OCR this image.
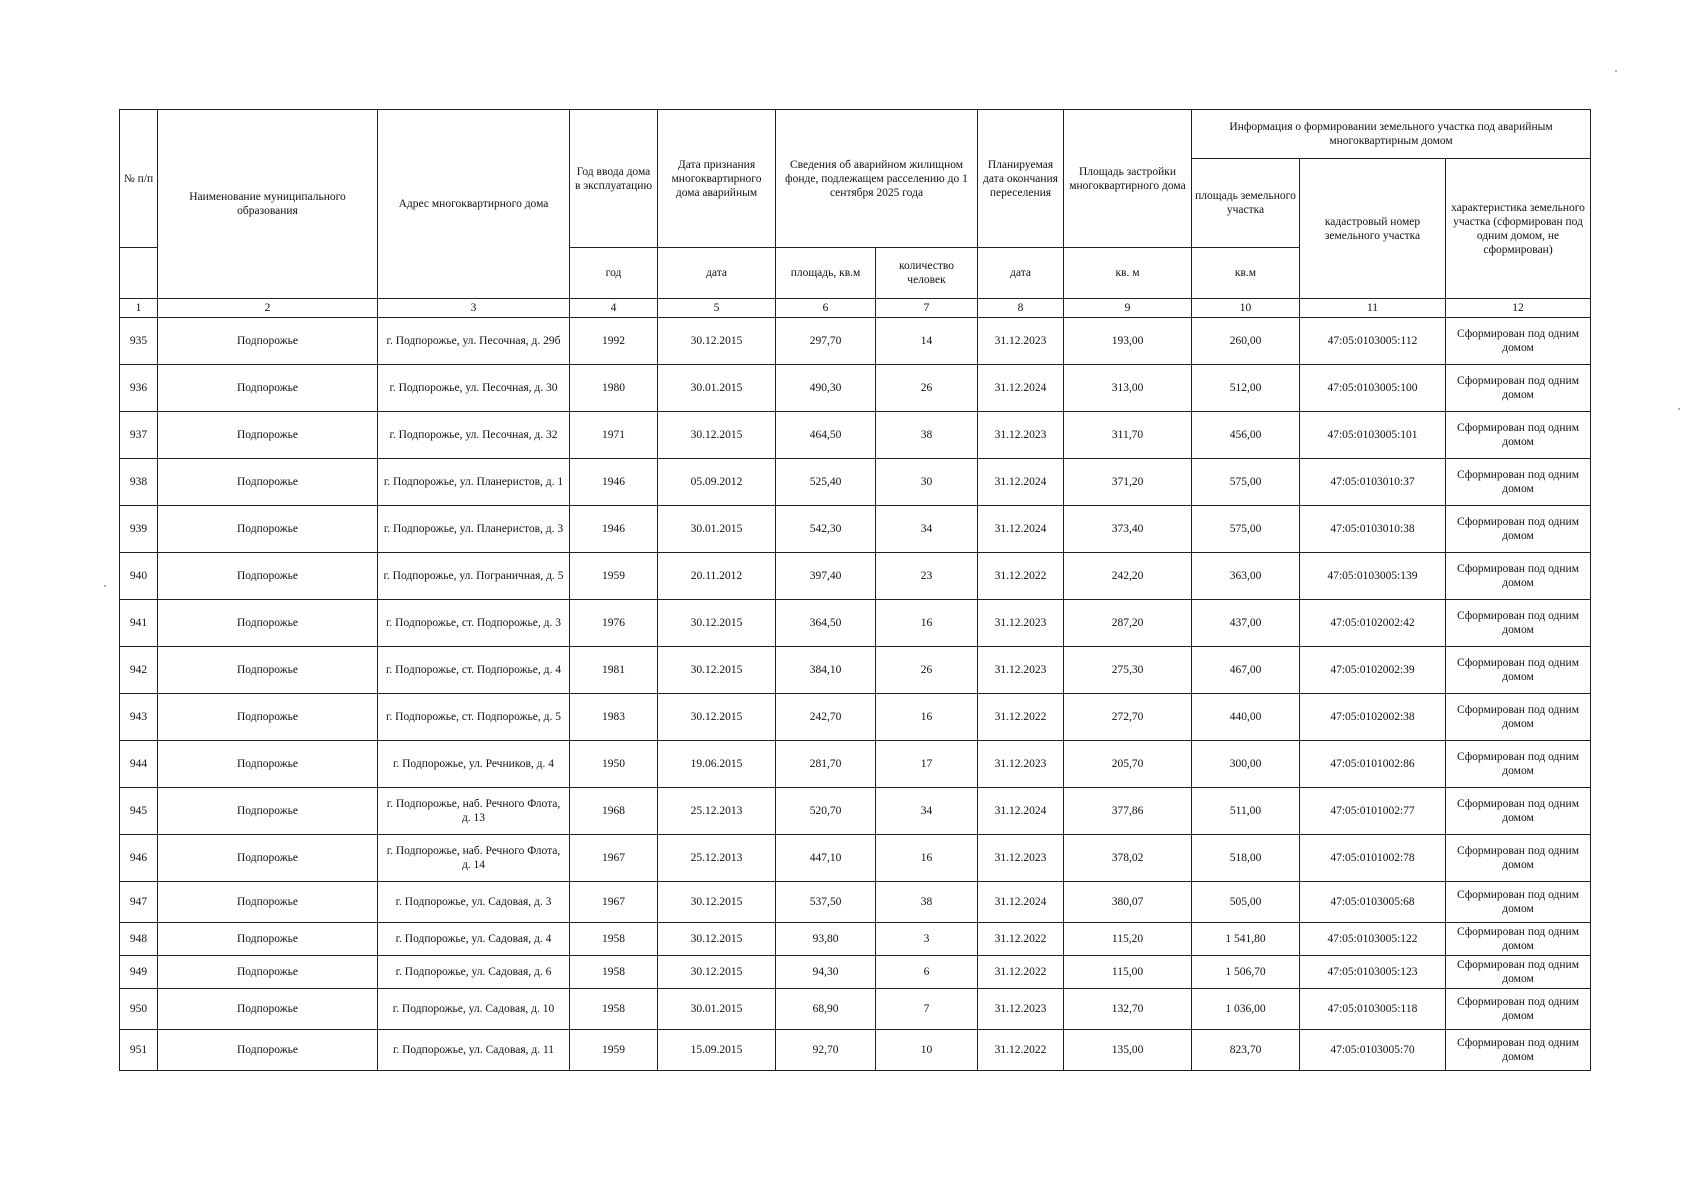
№ п/п	Наименование муниципального образования	Адрес многоквартирного дома	Год ввода дома в эксплуатацию	Дата признания многоквартирного дома аварийным	Сведения об аварийном жилищном фонде, подлежащем расселению до 1 сентября 2025 года		Планируемая дата окончания переселения	Площадь застройки многоквартирного дома	Информация о формировании земельного участка под аварийным многоквартирным домом		
									площадь земельного участка	кадастровый номер земельного участка	характеристика земельного участка (сформирован под одним домом, не сформирован)
			год	дата	площадь, кв.м	количество человек	дата	кв. м	кв.м		
1	2	3	4	5	6	7	8	9	10	11	12
935	Подпорожье	г. Подпорожье, ул. Песочная, д. 29б	1992	30.12.2015	297,70	14	31.12.2023	193,00	260,00	47:05:0103005:112	Сформирован под одним домом
936	Подпорожье	г. Подпорожье, ул. Песочная, д. 30	1980	30.01.2015	490,30	26	31.12.2024	313,00	512,00	47:05:0103005:100	Сформирован под одним домом
937	Подпорожье	г. Подпорожье, ул. Песочная, д. 32	1971	30.12.2015	464,50	38	31.12.2023	311,70	456,00	47:05:0103005:101	Сформирован под одним домом
938	Подпорожье	г. Подпорожье, ул. Планеристов, д. 1	1946	05.09.2012	525,40	30	31.12.2024	371,20	575,00	47:05:0103010:37	Сформирован под одним домом
939	Подпорожье	г. Подпорожье, ул. Планеристов, д. 3	1946	30.01.2015	542,30	34	31.12.2024	373,40	575,00	47:05:0103010:38	Сформирован под одним домом
940	Подпорожье	г. Подпорожье, ул. Пограничная, д. 5	1959	20.11.2012	397,40	23	31.12.2022	242,20	363,00	47:05:0103005:139	Сформирован под одним домом
941	Подпорожье	г. Подпорожье, ст. Подпорожье, д. 3	1976	30.12.2015	364,50	16	31.12.2023	287,20	437,00	47:05:0102002:42	Сформирован под одним домом
942	Подпорожье	г. Подпорожье, ст. Подпорожье, д. 4	1981	30.12.2015	384,10	26	31.12.2023	275,30	467,00	47:05:0102002:39	Сформирован под одним домом
943	Подпорожье	г. Подпорожье, ст. Подпорожье, д. 5	1983	30.12.2015	242,70	16	31.12.2022	272,70	440,00	47:05:0102002:38	Сформирован под одним домом
944	Подпорожье	г. Подпорожье, ул. Речников, д. 4	1950	19.06.2015	281,70	17	31.12.2023	205,70	300,00	47:05:0101002:86	Сформирован под одним домом
945	Подпорожье	г. Подпорожье, наб. Речного Флота, д. 13	1968	25.12.2013	520,70	34	31.12.2024	377,86	511,00	47:05:0101002:77	Сформирован под одним домом
946	Подпорожье	г. Подпорожье, наб. Речного Флота, д. 14	1967	25.12.2013	447,10	16	31.12.2023	378,02	518,00	47:05:0101002:78	Сформирован под одним домом
947	Подпорожье	г. Подпорожье, ул. Садовая, д. 3	1967	30.12.2015	537,50	38	31.12.2024	380,07	505,00	47:05:0103005:68	Сформирован под одним домом
948	Подпорожье	г. Подпорожье, ул. Садовая, д. 4	1958	30.12.2015	93,80	3	31.12.2022	115,20	1 541,80	47:05:0103005:122	Сформирован под одним домом
949	Подпорожье	г. Подпорожье, ул. Садовая, д. 6	1958	30.12.2015	94,30	6	31.12.2022	115,00	1 506,70	47:05:0103005:123	Сформирован под одним домом
950	Подпорожье	г. Подпорожье, ул. Садовая, д. 10	1958	30.01.2015	68,90	7	31.12.2023	132,70	1 036,00	47:05:0103005:118	Сформирован под одним домом
951	Подпорожье	г. Подпорожье, ул. Садовая, д. 11	1959	15.09.2015	92,70	10	31.12.2022	135,00	823,70	47:05:0103005:70	Сформирован под одним домом
